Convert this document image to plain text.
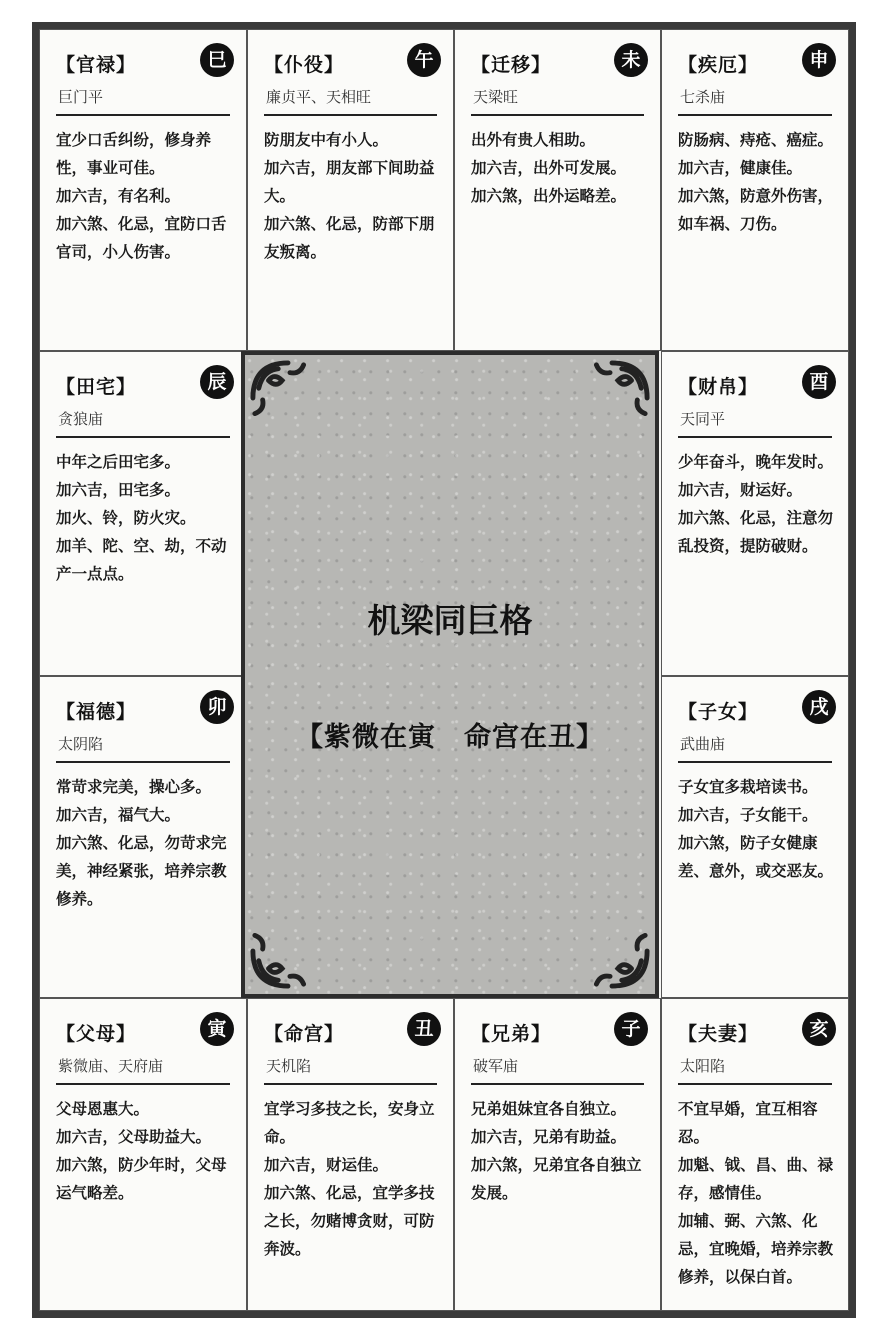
【官禄】	巳
巨门平

宜少口舌纠纷，修身养性，事业可佳。

加六吉，有名利。

加六煞、化忌，宜防口舌官司，小人伤害。

【仆役】	午
廉贞平、天相旺

防朋友中有小人。

加六吉，朋友部下间助益大。

加六煞、化忌，防部下朋友叛离。

【迁移】	未
天梁旺

出外有贵人相助。

加六吉，出外可发展。

加六煞，出外运略差。

【疾厄】	申
七杀庙

防肠病、痔疮、癌症。

加六吉，健康佳。

加六煞，防意外伤害，如车祸、刀伤。

【田宅】	辰
贪狼庙

中年之后田宅多。

加六吉，田宅多。

加火、铃，防火灾。

加羊、陀、空、劫，不动产一点点。

【财帛】	酉
天同平

少年奋斗，晚年发时。

加六吉，财运好。

加六煞、化忌，注意勿乱投资，提防破财。

【福德】	卯
太阴陷

常苛求完美，操心多。

加六吉，福气大。

加六煞、化忌，勿苛求完美，神经紧张，培养宗教修养。

【子女】	戌
武曲庙

子女宜多栽培读书。

加六吉，子女能干。

加六煞，防子女健康差、意外，或交恶友。

【父母】	寅
紫微庙、天府庙

父母恩惠大。

加六吉，父母助益大。

加六煞，防少年时，父母运气略差。

【命宫】	丑
天机陷

宜学习多技之长，安身立命。

加六吉，财运佳。

加六煞、化忌，宜学多技之长，勿赌博贪财，可防奔波。

【兄弟】	子
破军庙

兄弟姐妹宜各自独立。

加六吉，兄弟有助益。

加六煞，兄弟宜各自独立发展。

【夫妻】	亥
太阳陷

不宜早婚，宜互相容忍。

加魁、钺、昌、曲、禄存，感情佳。

加辅、弼、六煞、化忌，宜晚婚，培养宗教修养，以保白首。

机梁同巨格
【紫微在寅　命宫在丑】
